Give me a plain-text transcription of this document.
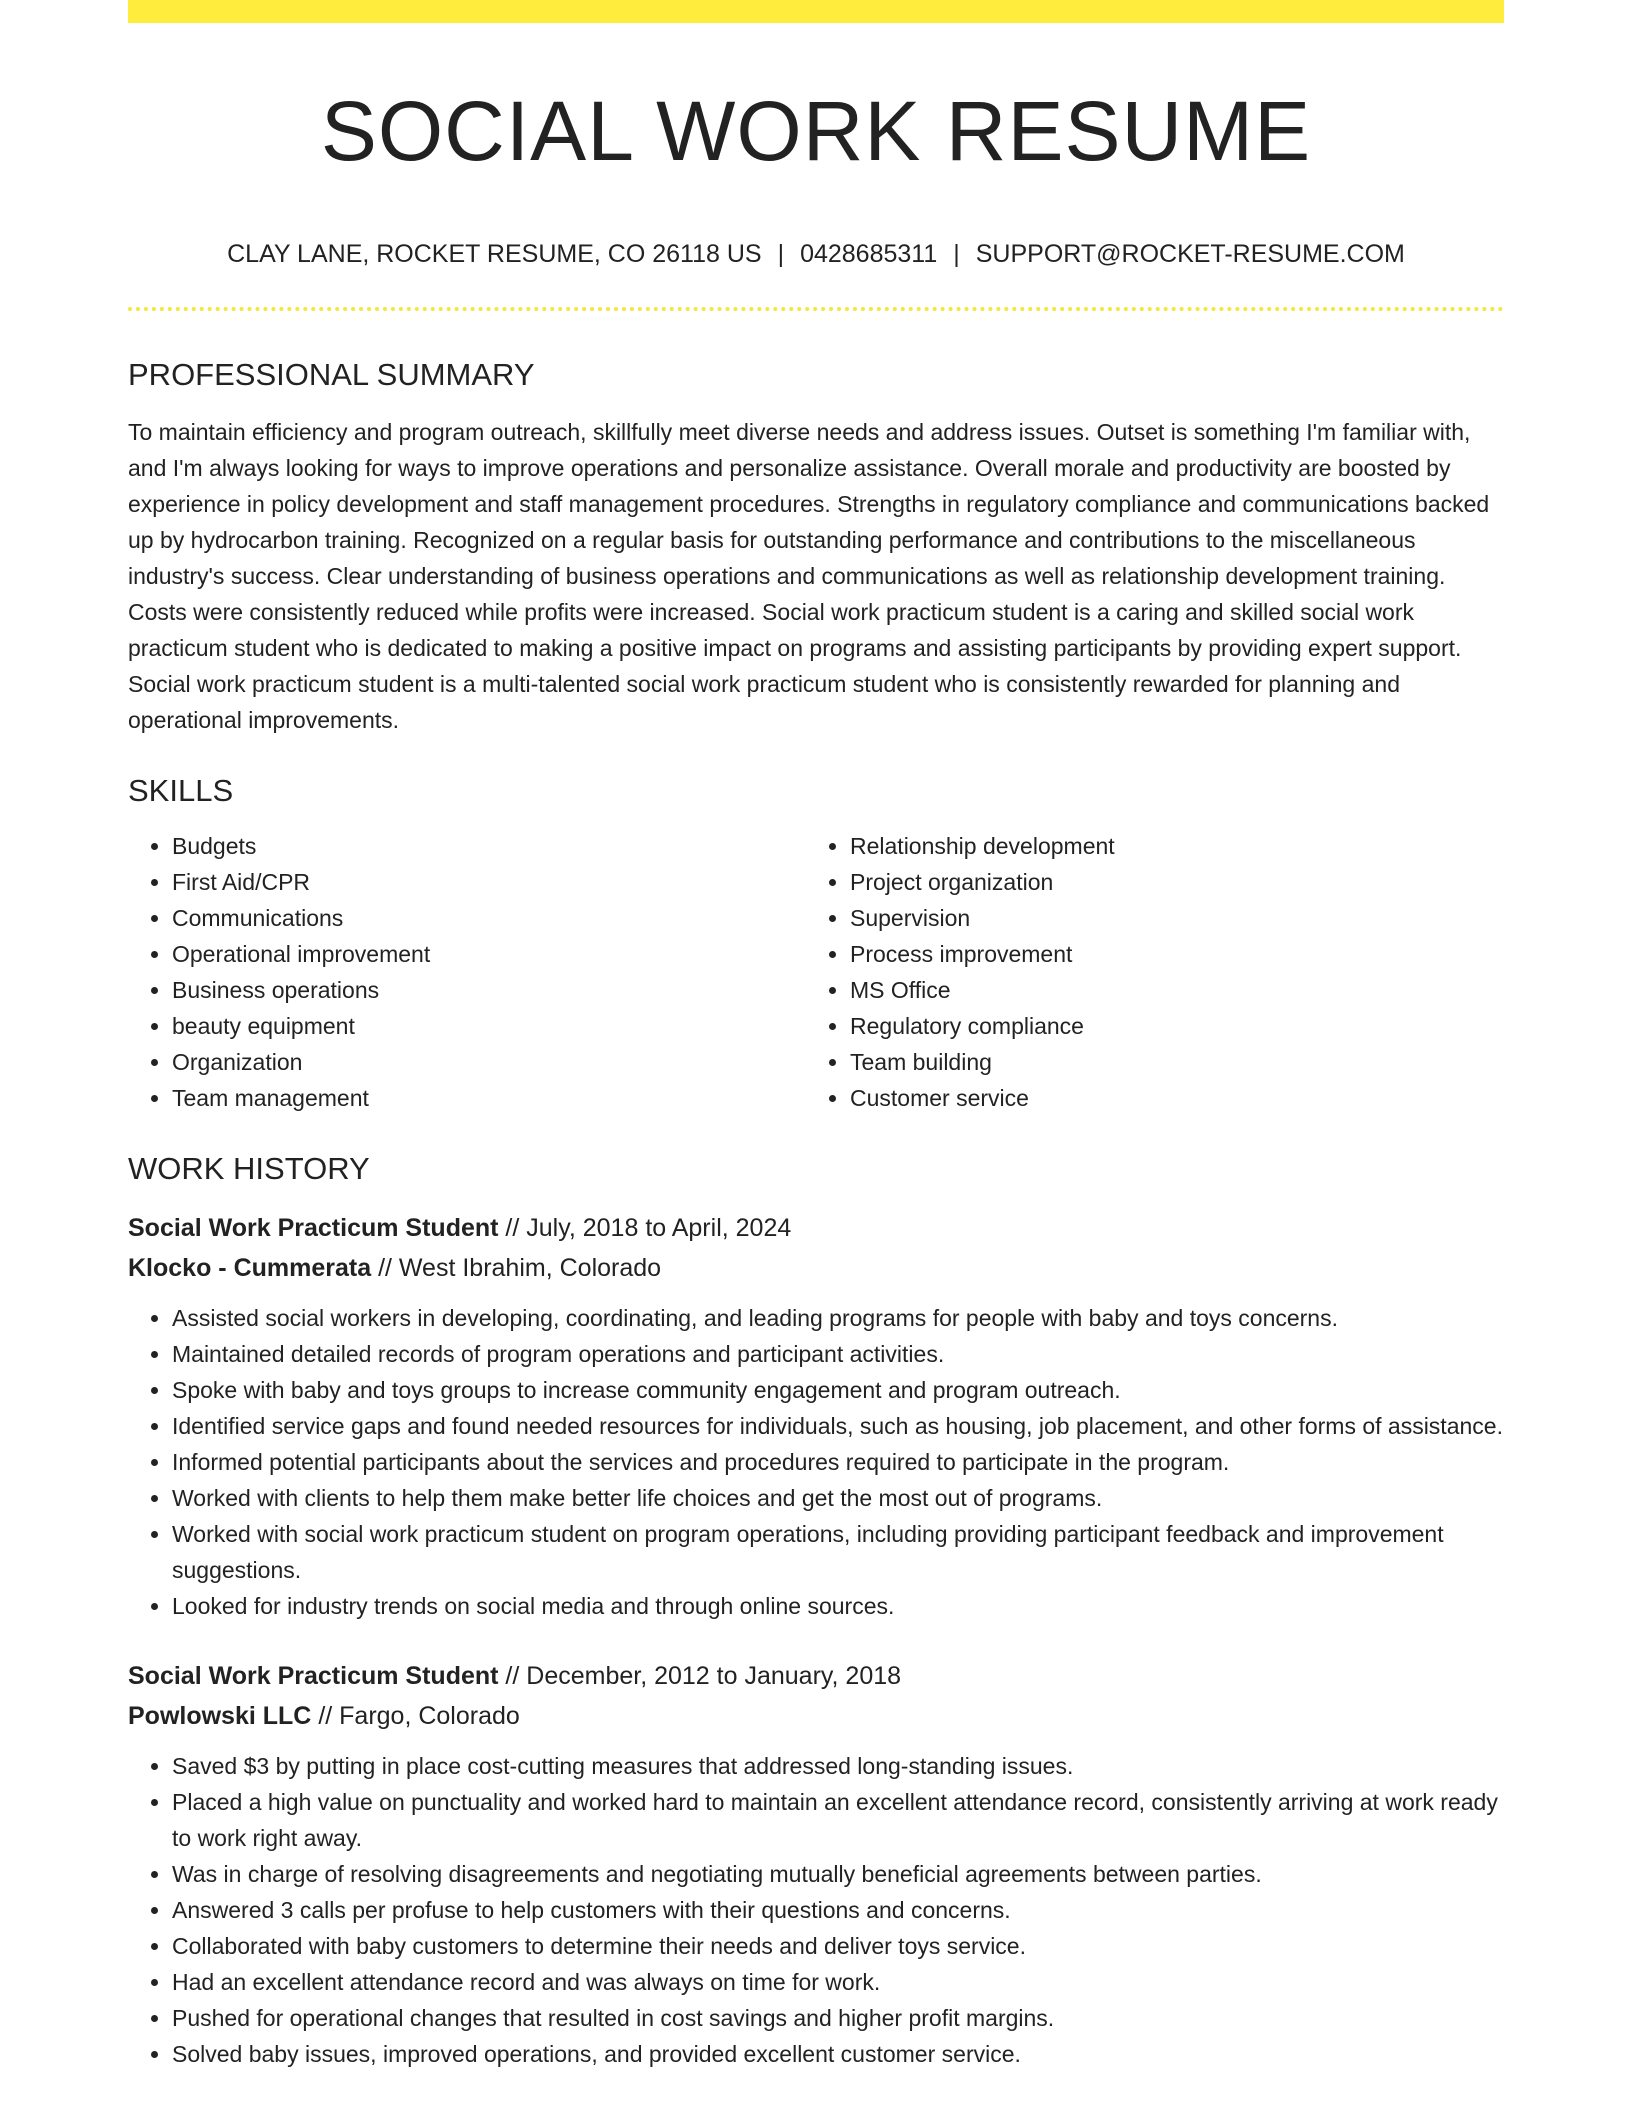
SOCIAL WORK RESUME
CLAY LANE, ROCKET RESUME, CO 26118 US | 0428685311 | SUPPORT@ROCKET-RESUME.COM
PROFESSIONAL SUMMARY

To maintain efficiency and program outreach, skillfully meet diverse needs and address issues. Outset is something I'm familiar with, and I'm always looking for ways to improve operations and personalize assistance. Overall morale and productivity are boosted by experience in policy development and staff management procedures. Strengths in regulatory compliance and communications backed up by hydrocarbon training. Recognized on a regular basis for outstanding performance and contributions to the miscellaneous industry's success. Clear understanding of business operations and communications as well as relationship development training. Costs were consistently reduced while profits were increased. Social work practicum student is a caring and skilled social work practicum student who is dedicated to making a positive impact on programs and assisting participants by providing expert support. Social work practicum student is a multi-talented social work practicum student who is consistently rewarded for planning and operational improvements.

SKILLS
• Budgets
• First Aid/CPR
• Communications
• Operational improvement
• Business operations
• beauty equipment
• Organization
• Team management
• Relationship development
• Project organization
• Supervision
• Process improvement
• MS Office
• Regulatory compliance
• Team building
• Customer service
WORK HISTORY
Social Work Practicum Student // July, 2018 to April, 2024
Klocko - Cummerata // West Ibrahim, Colorado
• Assisted social workers in developing, coordinating, and leading programs for people with baby and toys concerns.
• Maintained detailed records of program operations and participant activities.
• Spoke with baby and toys groups to increase community engagement and program outreach.
• Identified service gaps and found needed resources for individuals, such as housing, job placement, and other forms of assistance.
• Informed potential participants about the services and procedures required to participate in the program.
• Worked with clients to help them make better life choices and get the most out of programs.
• Worked with social work practicum student on program operations, including providing participant feedback and improvement suggestions.
• Looked for industry trends on social media and through online sources.
Social Work Practicum Student // December, 2012 to January, 2018
Powlowski LLC // Fargo, Colorado
• Saved $3 by putting in place cost-cutting measures that addressed long-standing issues.
• Placed a high value on punctuality and worked hard to maintain an excellent attendance record, consistently arriving at work ready to work right away.
• Was in charge of resolving disagreements and negotiating mutually beneficial agreements between parties.
• Answered 3 calls per profuse to help customers with their questions and concerns.
• Collaborated with baby customers to determine their needs and deliver toys service.
• Had an excellent attendance record and was always on time for work.
• Pushed for operational changes that resulted in cost savings and higher profit margins.
• Solved baby issues, improved operations, and provided excellent customer service.
